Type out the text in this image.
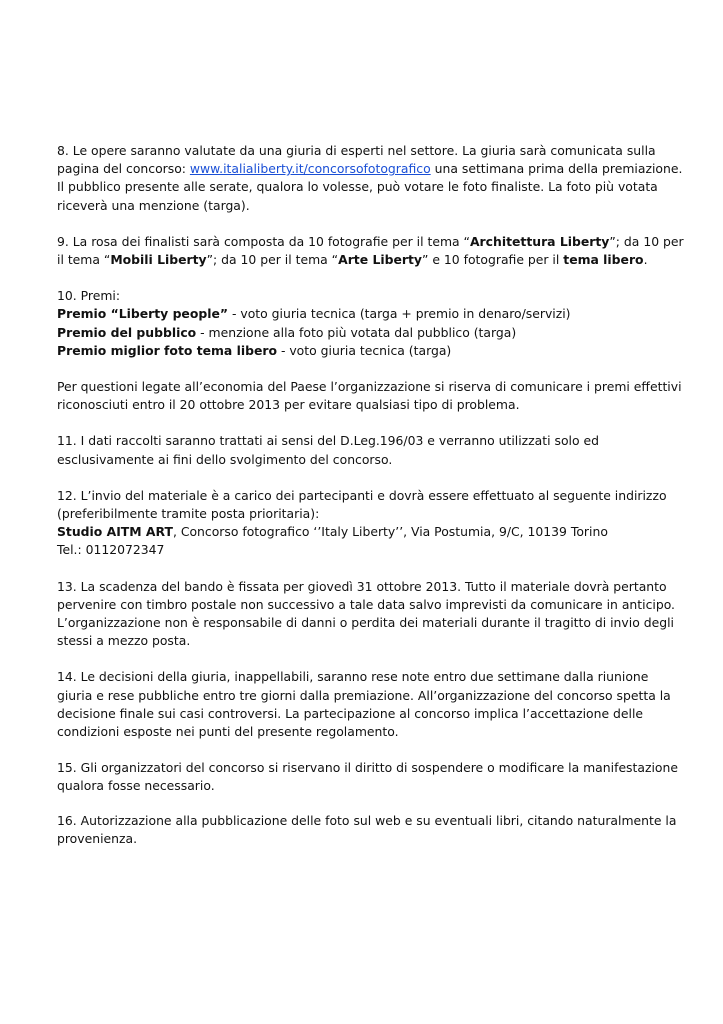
8. Le opere saranno valutate da una giuria di esperti nel settore. La giuria sarà comunicata sulla pagina del concorso: www.italialiberty.it/concorsofotografico una settimana prima della premiazione.

Il pubblico presente alle serate, qualora lo volesse, può votare le foto finaliste. La foto più votata riceverà una menzione (targa).

9. La rosa dei finalisti sarà composta da 10 fotografie per il tema “Architettura Liberty”; da 10 per il tema “Mobili Liberty”; da 10 per il tema “Arte Liberty” e 10 fotografie per il tema libero.

10. Premi:

Premio “Liberty people” - voto giuria tecnica (targa + premio in denaro/servizi)

Premio del pubblico - menzione alla foto più votata dal pubblico (targa)

Premio miglior foto tema libero - voto giuria tecnica (targa)

Per questioni legate all’economia del Paese l’organizzazione si riserva di comunicare i premi effettivi riconosciuti entro il 20 ottobre 2013 per evitare qualsiasi tipo di problema.

11. I dati raccolti saranno trattati ai sensi del D.Leg.196/03 e verranno utilizzati solo ed esclusivamente ai fini dello svolgimento del concorso.

12. L’invio del materiale è a carico dei partecipanti e dovrà essere effettuato al seguente indirizzo (preferibilmente tramite posta prioritaria):

Studio AITM ART, Concorso fotografico ‘’Italy Liberty’’, Via Postumia, 9/C, 10139 Torino

Tel.: 0112072347

13. La scadenza del bando è fissata per giovedì 31 ottobre 2013. Tutto il materiale dovrà pertanto pervenire con timbro postale non successivo a tale data salvo imprevisti da comunicare in anticipo. L’organizzazione non è responsabile di danni o perdita dei materiali durante il tragitto di invio degli stessi a mezzo posta.

14. Le decisioni della giuria, inappellabili, saranno rese note entro due settimane dalla riunione giuria e rese pubbliche entro tre giorni dalla premiazione. All’organizzazione del concorso spetta la decisione finale sui casi controversi. La partecipazione al concorso implica l’accettazione delle condizioni esposte nei punti del presente regolamento.

15. Gli organizzatori del concorso si riservano il diritto di sospendere o modificare la manifestazione qualora fosse necessario.

16. Autorizzazione alla pubblicazione delle foto sul web e su eventuali libri, citando naturalmente la provenienza.
